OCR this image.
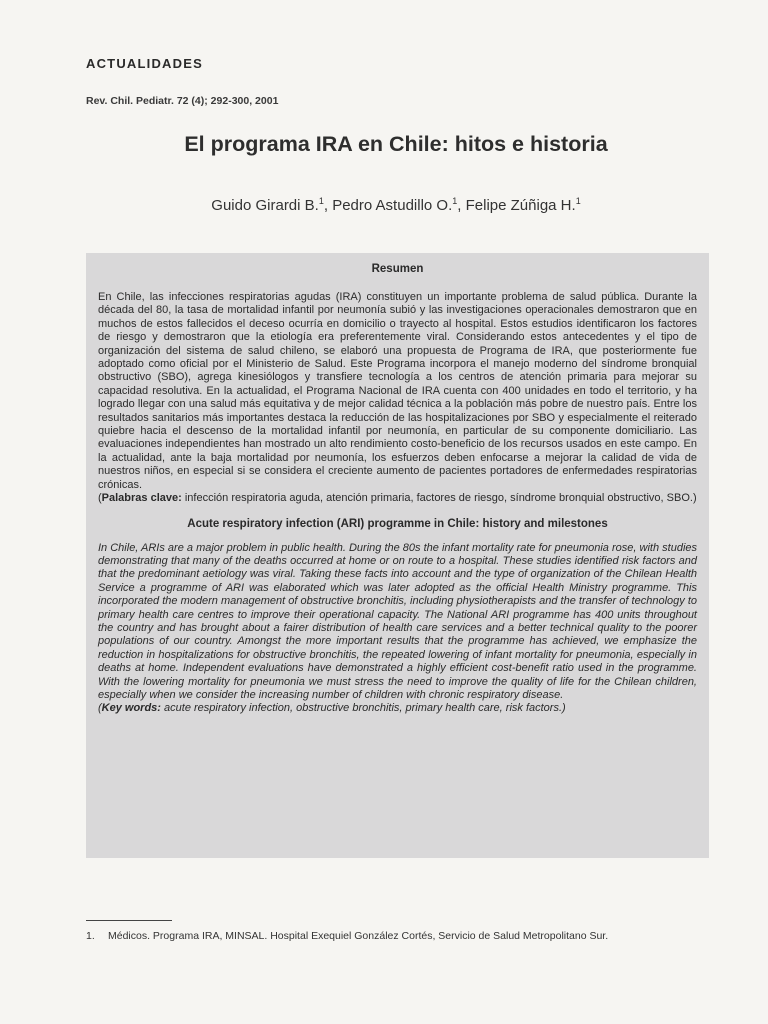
ACTUALIDADES
Rev. Chil. Pediatr. 72 (4); 292-300, 2001
El programa IRA en Chile: hitos e historia
Guido Girardi B.$^1$, Pedro Astudillo O.$^1$, Felipe Zúñiga H.$^1$
Resumen

En Chile, las infecciones respiratorias agudas (IRA) constituyen un importante problema de salud pública. Durante la década del 80, la tasa de mortalidad infantil por neumonía subió y las investigaciones operacionales demostraron que en muchos de estos fallecidos el deceso ocurría en domicilio o trayecto al hospital. Estos estudios identificaron los factores de riesgo y demostraron que la etiología era preferentemente viral. Considerando estos antecedentes y el tipo de organización del sistema de salud chileno, se elaboró una propuesta de Programa de IRA, que posteriormente fue adoptado como oficial por el Ministerio de Salud. Este Programa incorpora el manejo moderno del síndrome bronquial obstructivo (SBO), agrega kinesiólogos y transfiere tecnología a los centros de atención primaria para mejorar su capacidad resolutiva. En la actualidad, el Programa Nacional de IRA cuenta con 400 unidades en todo el territorio, y ha logrado llegar con una salud más equitativa y de mejor calidad técnica a la población más pobre de nuestro país. Entre los resultados sanitarios más importantes destaca la reducción de las hospitalizaciones por SBO y especialmente el reiterado quiebre hacia el descenso de la mortalidad infantil por neumonía, en particular de su componente domiciliario. Las evaluaciones independientes han mostrado un alto rendimiento costo-beneficio de los recursos usados en este campo. En la actualidad, ante la baja mortalidad por neumonía, los esfuerzos deben enfocarse a mejorar la calidad de vida de nuestros niños, en especial si se considera el creciente aumento de pacientes portadores de enfermedades respiratorias crónicas.

(Palabras clave: infección respiratoria aguda, atención primaria, factores de riesgo, síndrome bronquial obstructivo, SBO.)

Acute respiratory infection (ARI) programme in Chile: history and milestones

In Chile, ARIs are a major problem in public health. During the 80s the infant mortality rate for pneumonia rose, with studies demonstrating that many of the deaths occurred at home or on route to a hospital. These studies identified risk factors and that the predominant aetiology was viral. Taking these facts into account and the type of organization of the Chilean Health Service a programme of ARI was elaborated which was later adopted as the official Health Ministry programme. This incorporated the modern management of obstructive bronchitis, including physiotherapists and the transfer of technology to primary health care centres to improve their operational capacity. The National ARI programme has 400 units throughout the country and has brought about a fairer distribution of health care services and a better technical quality to the poorer populations of our country. Amongst the more important results that the programme has achieved, we emphasize the reduction in hospitalizations for obstructive bronchitis, the repeated lowering of infant mortality for pneumonia, especially in deaths at home. Independent evaluations have demonstrated a highly efficient cost-benefit ratio used in the programme. With the lowering mortality for pneumonia we must stress the need to improve the quality of life for the Chilean children, especially when we consider the increasing number of children with chronic respiratory disease.

(Key words: acute respiratory infection, obstructive bronchitis, primary health care, risk factors.)

1.	Médicos. Programa IRA, MINSAL. Hospital Exequiel González Cortés, Servicio de Salud Metropolitano Sur.
